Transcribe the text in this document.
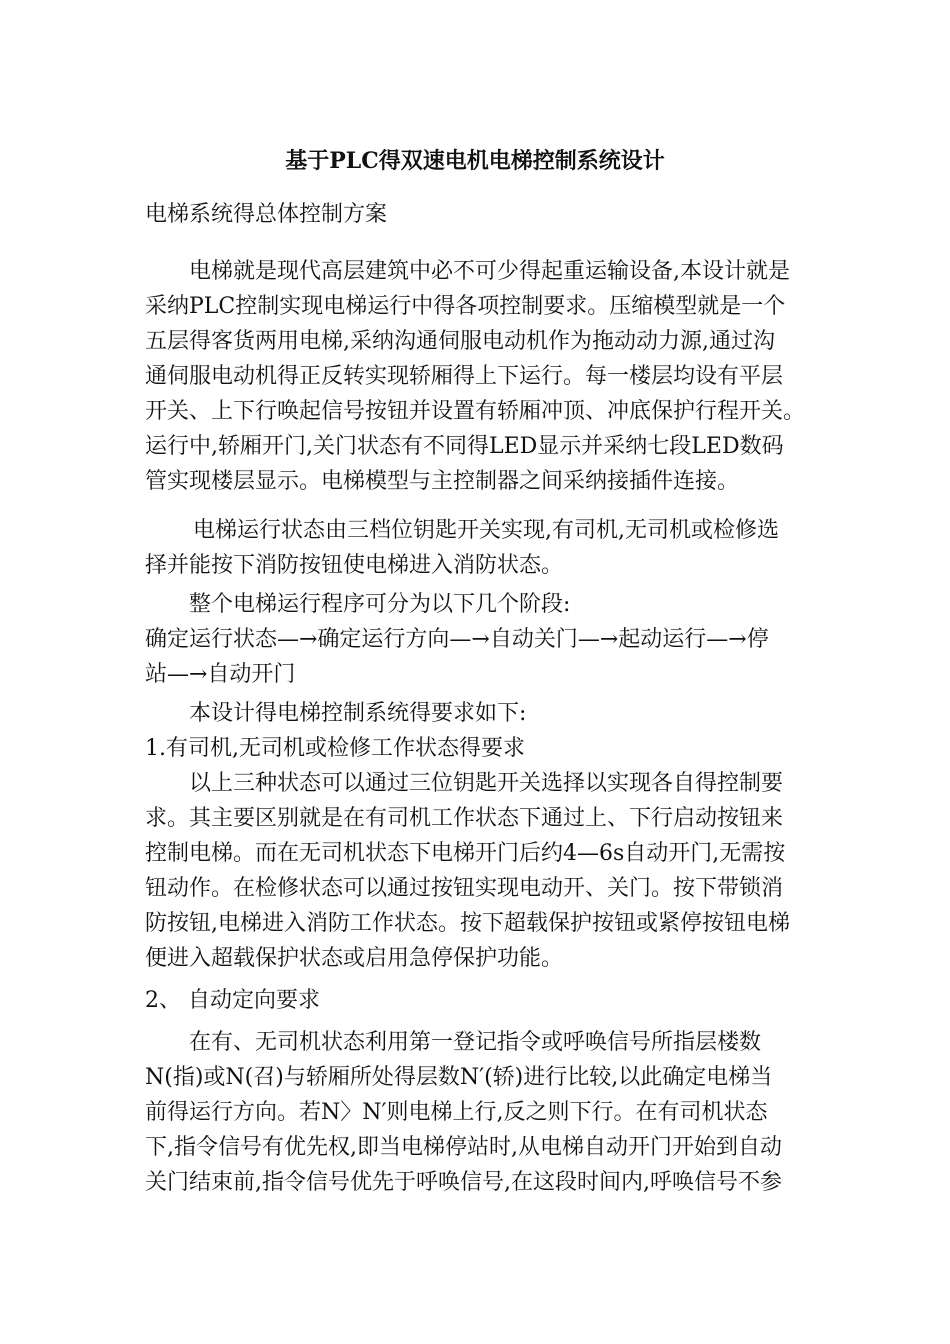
基于PLC得双速电机电梯控制系统设计
电梯系统得总体控制方案
电梯就是现代高层建筑中必不可少得起重运输设备,本设计就是
采纳PLC控制实现电梯运行中得各项控制要求。压缩模型就是一个
五层得客货两用电梯,采纳沟通伺服电动机作为拖动动力源,通过沟
通伺服电动机得正反转实现轿厢得上下运行。每一楼层均设有平层
开关、上下行唤起信号按钮并设置有轿厢冲顶、冲底保护行程开关。
运行中,轿厢开门,关门状态有不同得LED显示并采纳七段LED数码
管实现楼层显示。电梯模型与主控制器之间采纳接插件连接。
电梯运行状态由三档位钥匙开关实现,有司机,无司机或检修选
择并能按下消防按钮使电梯进入消防状态。
整个电梯运行程序可分为以下几个阶段:
确定运行状态—→确定运行方向—→自动关门—→起动运行—→停
站—→自动开门
本设计得电梯控制系统得要求如下:
1.有司机,无司机或检修工作状态得要求
以上三种状态可以通过三位钥匙开关选择以实现各自得控制要
求。其主要区别就是在有司机工作状态下通过上、下行启动按钮来
控制电梯。而在无司机状态下电梯开门后约4—6s自动开门,无需按
钮动作。在检修状态可以通过按钮实现电动开、关门。按下带锁消
防按钮,电梯进入消防工作状态。按下超载保护按钮或紧停按钮电梯
便进入超载保护状态或启用急停保护功能。
2、 自动定向要求
在有、无司机状态利用第一登记指令或呼唤信号所指层楼数
N(指)或N(召)与轿厢所处得层数N′(轿)进行比较,以此确定电梯当
前得运行方向。若N〉N′则电梯上行,反之则下行。在有司机状态
下,指令信号有优先权,即当电梯停站时,从电梯自动开门开始到自动
关门结束前,指令信号优先于呼唤信号,在这段时间内,呼唤信号不参
